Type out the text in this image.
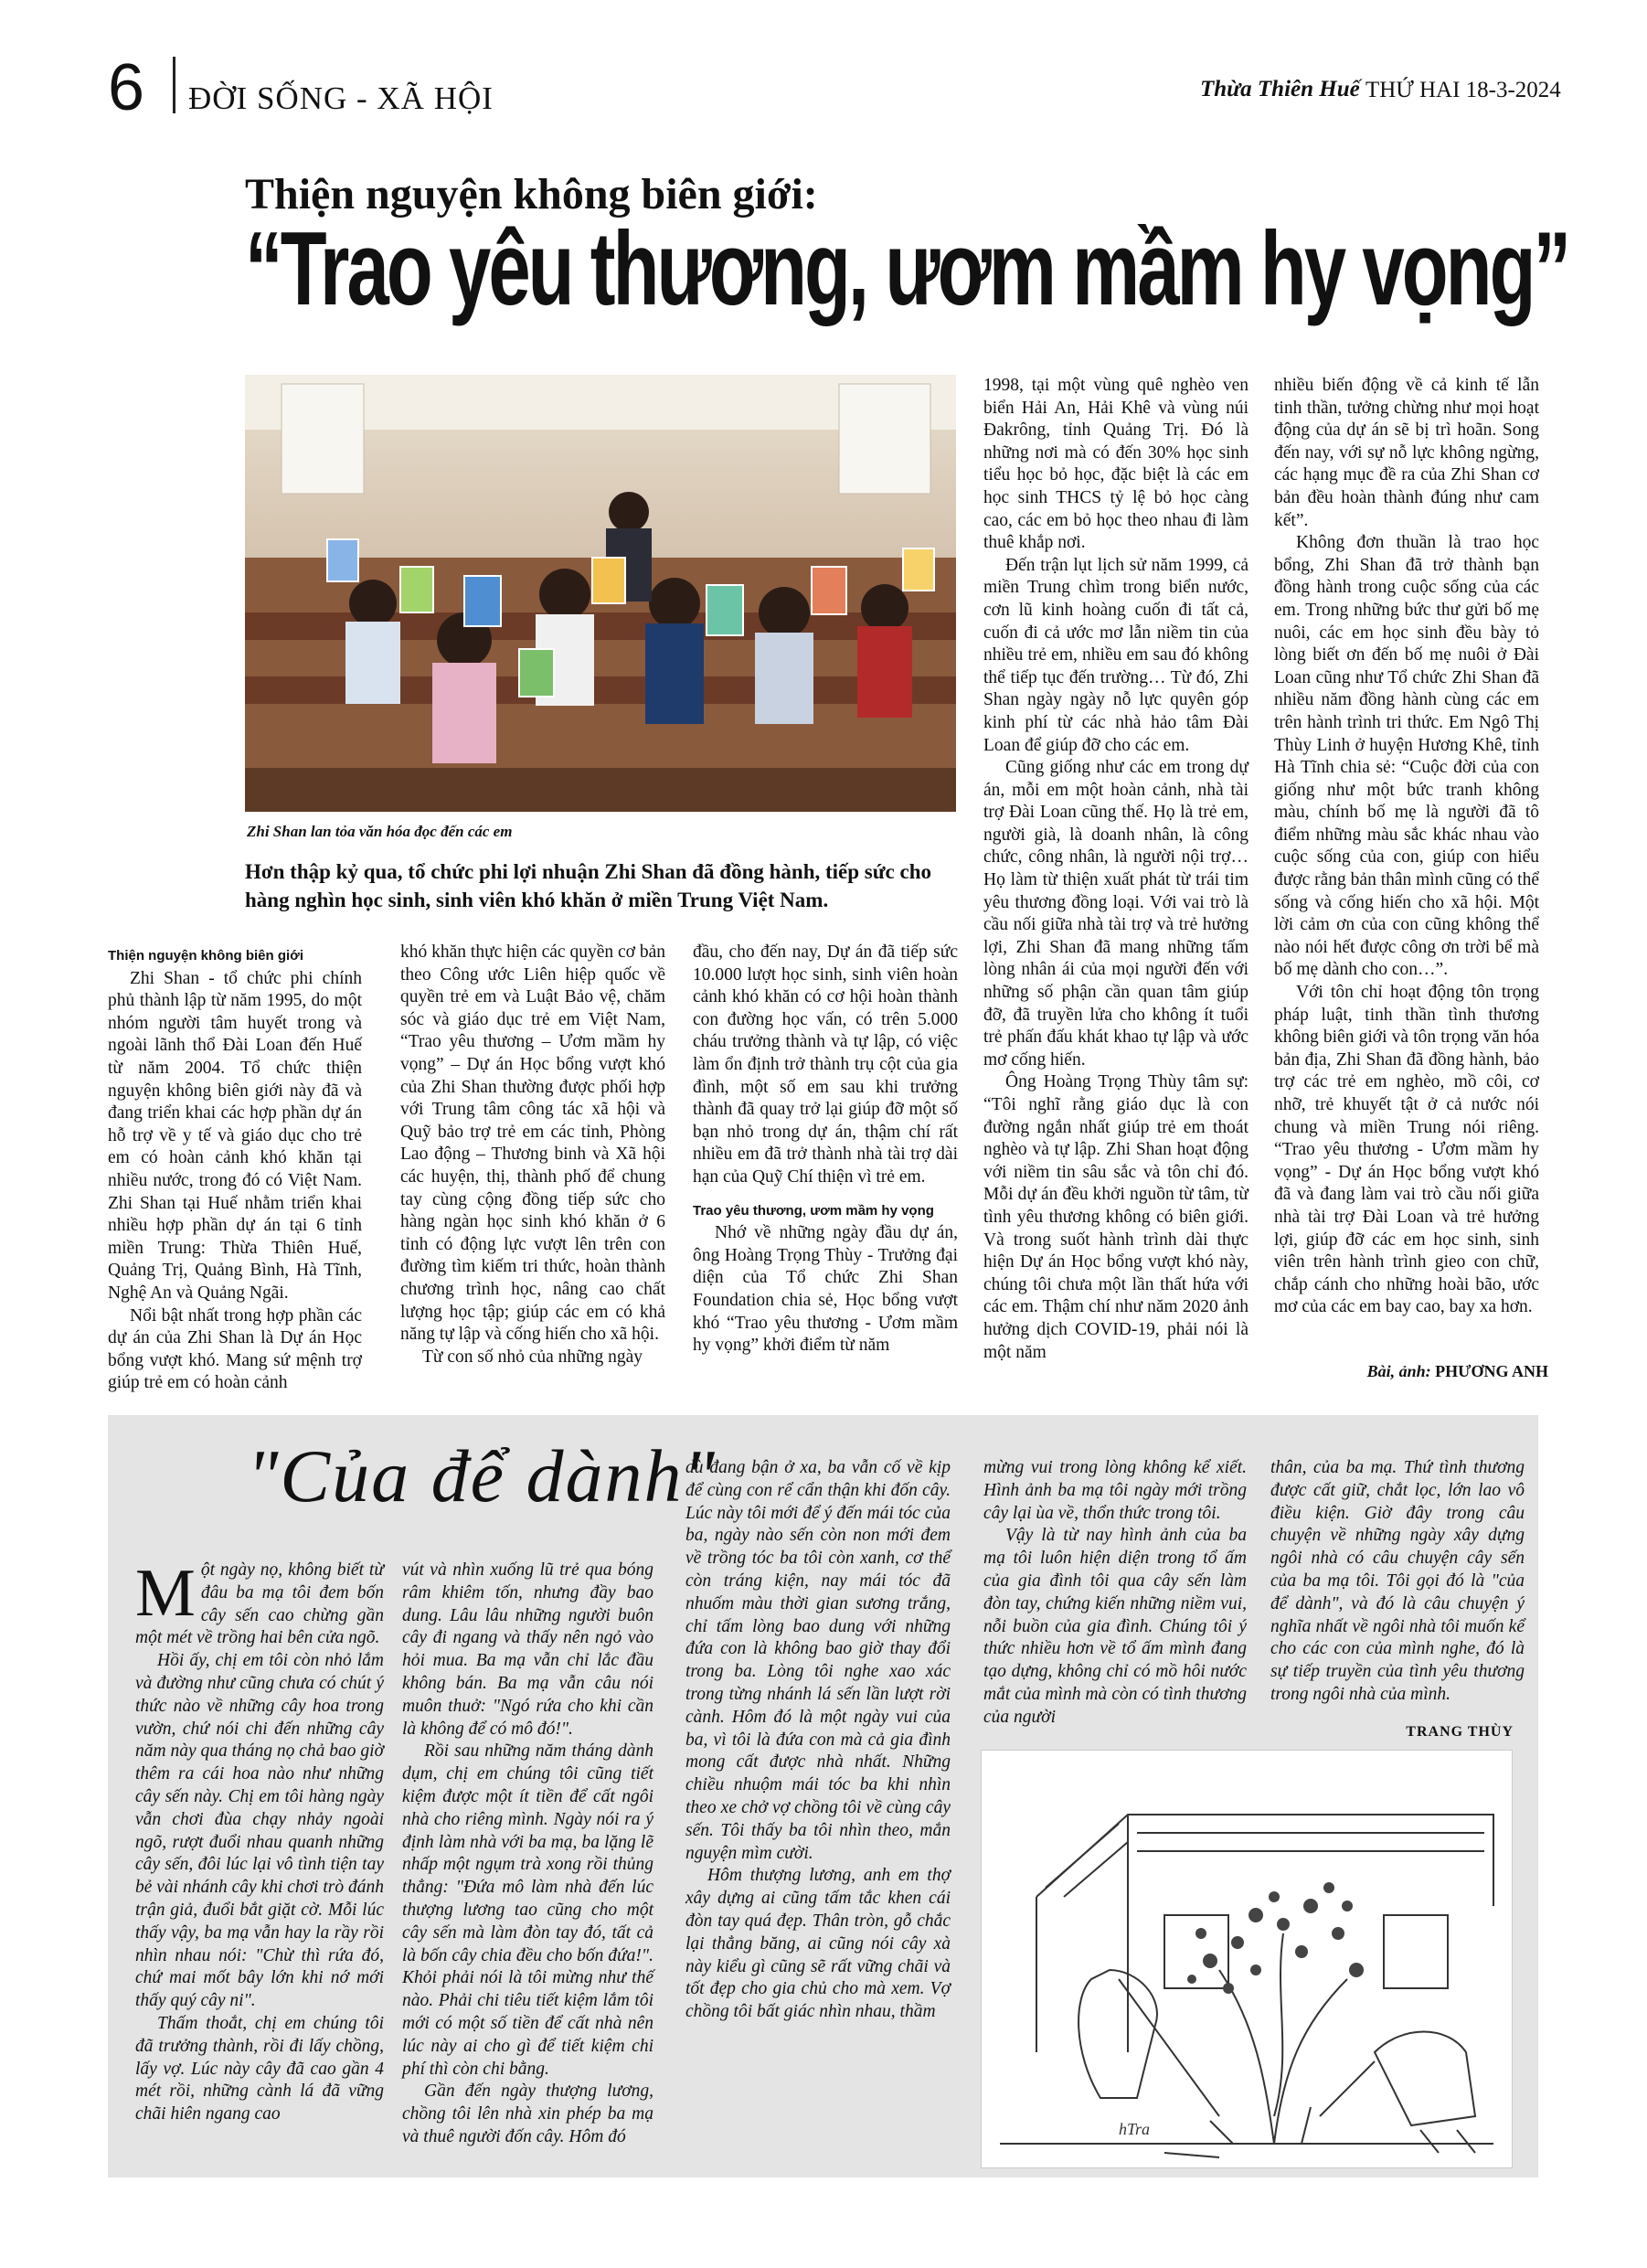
6 ĐỜI SỐNG - XÃ HỘI	Thừa Thiên Huế THỨ HAI 18-3-2024
Thiện nguyện không biên giới:
“Trao yêu thương, ươm mầm hy vọng”
Zhi Shan lan tỏa văn hóa đọc đến các em
Hơn thập kỷ qua, tổ chức phi lợi nhuận Zhi Shan đã đồng hành, tiếp sức cho hàng nghìn học sinh, sinh viên khó khăn ở miền Trung Việt Nam.

Thiện nguyện không biên giới

Zhi Shan - tổ chức phi chính phủ thành lập từ năm 1995, do một nhóm người tâm huyết trong và ngoài lãnh thổ Đài Loan đến Huế từ năm 2004. Tổ chức thiện nguyện không biên giới này đã và đang triển khai các hợp phần dự án hỗ trợ về y tế và giáo dục cho trẻ em có hoàn cảnh khó khăn tại nhiều nước, trong đó có Việt Nam. Zhi Shan tại Huế nhằm triển khai nhiều hợp phần dự án tại 6 tỉnh miền Trung: Thừa Thiên Huế, Quảng Trị, Quảng Bình, Hà Tĩnh, Nghệ An và Quảng Ngãi.

Nổi bật nhất trong hợp phần các dự án của Zhi Shan là Dự án Học bổng vượt khó. Mang sứ mệnh trợ giúp trẻ em có hoàn cảnh

khó khăn thực hiện các quyền cơ bản theo Công ước Liên hiệp quốc về quyền trẻ em và Luật Bảo vệ, chăm sóc và giáo dục trẻ em Việt Nam, “Trao yêu thương – Ươm mầm hy vọng” – Dự án Học bổng vượt khó của Zhi Shan thường được phối hợp với Trung tâm công tác xã hội và Quỹ bảo trợ trẻ em các tỉnh, Phòng Lao động – Thương binh và Xã hội các huyện, thị, thành phố để chung tay cùng cộng đồng tiếp sức cho hàng ngàn học sinh khó khăn ở 6 tỉnh có động lực vượt lên trên con đường tìm kiếm tri thức, hoàn thành chương trình học, nâng cao chất lượng học tập; giúp các em có khả năng tự lập và cống hiến cho xã hội.

Từ con số nhỏ của những ngày

đầu, cho đến nay, Dự án đã tiếp sức 10.000 lượt học sinh, sinh viên hoàn cảnh khó khăn có cơ hội hoàn thành con đường học vấn, có trên 5.000 cháu trưởng thành và tự lập, có việc làm ổn định trở thành trụ cột của gia đình, một số em sau khi trưởng thành đã quay trở lại giúp đỡ một số bạn nhỏ trong dự án, thậm chí rất nhiều em đã trở thành nhà tài trợ dài hạn của Quỹ Chí thiện vì trẻ em.

Trao yêu thương, ươm mầm hy vọng

Nhớ về những ngày đầu dự án, ông Hoàng Trọng Thùy - Trưởng đại diện của Tổ chức Zhi Shan Foundation chia sẻ, Học bổng vượt khó “Trao yêu thương - Ươm mầm hy vọng” khởi điểm từ năm

1998, tại một vùng quê nghèo ven biển Hải An, Hải Khê và vùng núi Đakrông, tỉnh Quảng Trị. Đó là những nơi mà có đến 30% học sinh tiểu học bỏ học, đặc biệt là các em học sinh THCS tỷ lệ bỏ học càng cao, các em bỏ học theo nhau đi làm thuê khắp nơi.

Đến trận lụt lịch sử năm 1999, cả miền Trung chìm trong biển nước, cơn lũ kinh hoàng cuốn đi tất cả, cuốn đi cả ước mơ lẫn niềm tin của nhiều trẻ em, nhiều em sau đó không thể tiếp tục đến trường… Từ đó, Zhi Shan ngày ngày nỗ lực quyên góp kinh phí từ các nhà hảo tâm Đài Loan để giúp đỡ cho các em.

Cũng giống như các em trong dự án, mỗi em một hoàn cảnh, nhà tài trợ Đài Loan cũng thế. Họ là trẻ em, người già, là doanh nhân, là công chức, công nhân, là người nội trợ… Họ làm từ thiện xuất phát từ trái tim yêu thương đồng loại. Với vai trò là cầu nối giữa nhà tài trợ và trẻ hưởng lợi, Zhi Shan đã mang những tấm lòng nhân ái của mọi người đến với những số phận cần quan tâm giúp đỡ, đã truyền lửa cho không ít tuổi trẻ phấn đấu khát khao tự lập và ước mơ cống hiến.

Ông Hoàng Trọng Thùy tâm sự: “Tôi nghĩ rằng giáo dục là con đường ngắn nhất giúp trẻ em thoát nghèo và tự lập. Zhi Shan hoạt động với niềm tin sâu sắc và tôn chỉ đó. Mỗi dự án đều khởi nguồn từ tâm, từ tình yêu thương không có biên giới. Và trong suốt hành trình dài thực hiện Dự án Học bổng vượt khó này, chúng tôi chưa một lần thất hứa với các em. Thậm chí như năm 2020 ảnh hưởng dịch COVID-19, phải nói là một năm

nhiều biến động về cả kinh tế lẫn tinh thần, tưởng chừng như mọi hoạt động của dự án sẽ bị trì hoãn. Song đến nay, với sự nỗ lực không ngừng, các hạng mục đề ra của Zhi Shan cơ bản đều hoàn thành đúng như cam kết”.

Không đơn thuần là trao học bổng, Zhi Shan đã trở thành bạn đồng hành trong cuộc sống của các em. Trong những bức thư gửi bố mẹ nuôi, các em học sinh đều bày tỏ lòng biết ơn đến bố mẹ nuôi ở Đài Loan cũng như Tổ chức Zhi Shan đã nhiều năm đồng hành cùng các em trên hành trình tri thức. Em Ngô Thị Thùy Linh ở huyện Hương Khê, tỉnh Hà Tĩnh chia sẻ: “Cuộc đời của con giống như một bức tranh không màu, chính bố mẹ là người đã tô điểm những màu sắc khác nhau vào cuộc sống của con, giúp con hiểu được rằng bản thân mình cũng có thể sống và cống hiến cho xã hội. Một lời cảm ơn của con cũng không thể nào nói hết được công ơn trời bể mà bố mẹ dành cho con…”.

Với tôn chỉ hoạt động tôn trọng pháp luật, tinh thần tình thương không biên giới và tôn trọng văn hóa bản địa, Zhi Shan đã đồng hành, bảo trợ các trẻ em nghèo, mồ côi, cơ nhỡ, trẻ khuyết tật ở cả nước nói chung và miền Trung nói riêng. “Trao yêu thương - Ươm mầm hy vọng” - Dự án Học bổng vượt khó đã và đang làm vai trò cầu nối giữa nhà tài trợ Đài Loan và trẻ hưởng lợi, giúp đỡ các em học sinh, sinh viên trên hành trình gieo con chữ, chắp cánh cho những hoài bão, ước mơ của các em bay cao, bay xa hơn.

Bài, ảnh: PHƯƠNG ANH
"Của để dành"

Một ngày nọ, không biết từ đâu ba mạ tôi đem bốn cây sến cao chừng gần một mét về trồng hai bên cửa ngõ.

Hồi ấy, chị em tôi còn nhỏ lắm và đường như cũng chưa có chút ý thức nào về những cây hoa trong vườn, chứ nói chi đến những cây năm này qua tháng nọ chả bao giờ thêm ra cái hoa nào như những cây sến này. Chị em tôi hàng ngày vẫn chơi đùa chạy nhảy ngoài ngõ, rượt đuổi nhau quanh những cây sến, đôi lúc lại vô tình tiện tay bẻ vài nhánh cây khi chơi trò đánh trận giả, đuổi bắt giặt cờ. Mỗi lúc thấy vậy, ba mạ vẫn hay la rầy rồi nhìn nhau nói: "Chừ thì rứa đó, chứ mai mốt bây lớn khi nớ mới thấy quý cây ni".

Thấm thoắt, chị em chúng tôi đã trưởng thành, rồi đi lấy chồng, lấy vợ. Lúc này cây đã cao gần 4 mét rồi, những cành lá đã vững chãi hiên ngang cao

vút và nhìn xuống lũ trẻ qua bóng râm khiêm tốn, nhưng đầy bao dung. Lâu lâu những người buôn cây đi ngang và thấy nên ngỏ vào hỏi mua. Ba mạ vẫn chỉ lắc đầu không bán. Ba mạ vẫn câu nói muôn thuở: "Ngó rứa cho khi cần là không để có mô đó!".

Rồi sau những năm tháng dành dụm, chị em chúng tôi cũng tiết kiệm được một ít tiền để cất ngôi nhà cho riêng mình. Ngày nói ra ý định làm nhà với ba mạ, ba lặng lẽ nhấp một ngụm trà xong rồi thủng thẳng: "Đứa mô làm nhà đến lúc thượng lương tao cũng cho một cây sến mà làm đòn tay đó, tất cả là bốn cây chia đều cho bốn đứa!". Khỏi phải nói là tôi mừng như thế nào. Phải chi tiêu tiết kiệm lắm tôi mới có một số tiền để cất nhà nên lúc này ai cho gì để tiết kiệm chi phí thì còn chi bằng.

Gần đến ngày thượng lương, chồng tôi lên nhà xin phép ba mạ và thuê người đốn cây. Hôm đó

dù đang bận ở xa, ba vẫn cố về kịp để cùng con rể cẩn thận khi đốn cây. Lúc này tôi mới để ý đến mái tóc của ba, ngày nào sến còn non mới đem về trồng tóc ba tôi còn xanh, cơ thể còn tráng kiện, nay mái tóc đã nhuốm màu thời gian sương trắng, chỉ tấm lòng bao dung với những đứa con là không bao giờ thay đổi trong ba. Lòng tôi nghe xao xác trong từng nhánh lá sến lần lượt rời cành. Hôm đó là một ngày vui của ba, vì tôi là đứa con mà cả gia đình mong cất được nhà nhất. Những chiều nhuộm mái tóc ba khi nhìn theo xe chở vợ chồng tôi về cùng cây sến. Tôi thấy ba tôi nhìn theo, mắn nguyện mìm cười.

Hôm thượng lương, anh em thợ xây dựng ai cũng tấm tắc khen cái đòn tay quá đẹp. Thân tròn, gỗ chắc lại thẳng băng, ai cũng nói cây xà này kiểu gì cũng sẽ rất vững chãi và tốt đẹp cho gia chủ cho mà xem. Vợ chồng tôi bất giác nhìn nhau, thầm

mừng vui trong lòng không kể xiết. Hình ảnh ba mạ tôi ngày mới trồng cây lại ùa về, thổn thức trong tôi.

Vậy là từ nay hình ảnh của ba mạ tôi luôn hiện diện trong tổ ấm của gia đình tôi qua cây sến làm đòn tay, chứng kiến những niềm vui, nỗi buồn của gia đình. Chúng tôi ý thức nhiều hơn về tổ ấm mình đang tạo dựng, không chỉ có mồ hôi nước mắt của mình mà còn có tình thương của người

thân, của ba mạ. Thứ tình thương được cất giữ, chắt lọc, lớn lao vô điều kiện. Giờ đây trong câu chuyện về những ngày xây dựng ngôi nhà có câu chuyện cây sến của ba mạ tôi. Tôi gọi đó là "của để dành", và đó là câu chuyện ý nghĩa nhất về ngôi nhà tôi muốn kể cho các con của mình nghe, đó là sự tiếp truyền của tình yêu thương trong ngôi nhà của mình.

TRANG THÙY
hTra
